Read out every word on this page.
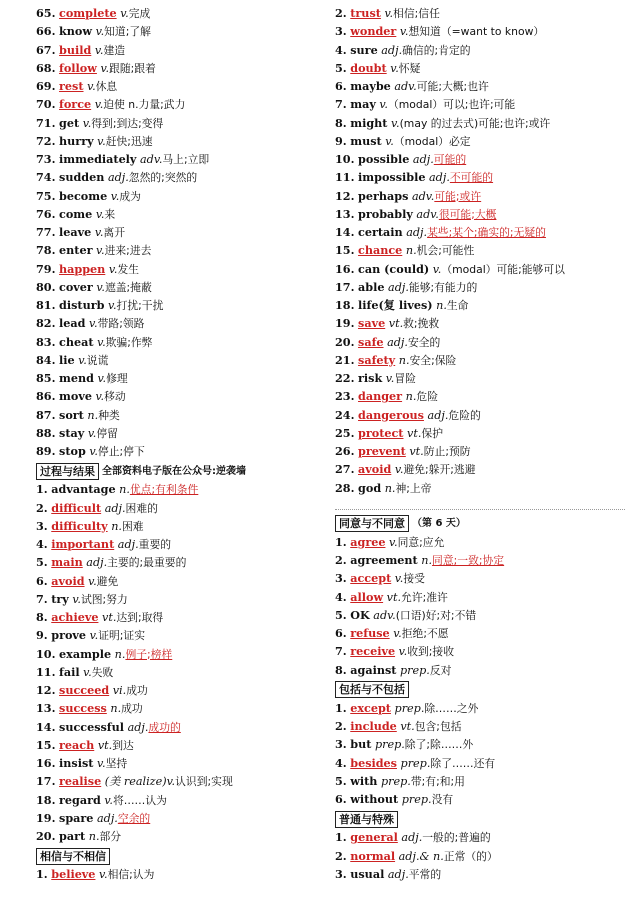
65. complete v.完成
66. know v.知道;了解
67. build v.建造
68. follow v.跟随;跟着
69. rest v.休息
70. force v.迫使 n.力量;武力
71. get v.得到;到达;变得
72. hurry v.赶快;迅速
73. immediately adv.马上;立即
74. sudden adj.忽然的;突然的
75. become v.成为
76. come v.来
77. leave v.离开
78. enter v.进来;进去
79. happen v.发生
80. cover v.遮盖;掩蔽
81. disturb v.打扰;干扰
82. lead v.带路;领路
83. cheat v.欺骗;作弊
84. lie v.说谎
85. mend v.修理
86. move v.移动
87. sort n.种类
88. stay v.停留
89. stop v.停止;停下
过程与结果 全部资料电子版在公众号:逆袭墙
1. advantage n.优点;有利条件
2. difficult adj.困难的
3. difficulty n.困难
4. important adj.重要的
5. main adj.主要的;最重要的
6. avoid v.避免
7. try v.试图;努力
8. achieve vt.达到;取得
9. prove v.证明;证实
10. example n.例子;榜样
11. fail v.失败
12. succeed vi.成功
13. success n.成功
14. successful adj.成功的
15. reach vt.到达
16. insist v.坚持
17. realise (美 realize)v.认识到;实现
18. regard v.将……认为
19. spare adj.空余的
20. part n.部分
相信与不相信
1. believe v.相信;认为
2. trust v.相信;信任
3. wonder v.想知道（=want to know）
4. sure adj.确信的;肯定的
5. doubt v.怀疑
6. maybe adv.可能;大概;也许
7. may v.（modal）可以;也许;可能
8. might v.(may 的过去式)可能;也许;或许
9. must v.（modal）必定
10. possible adj.可能的
11. impossible adj.不可能的
12. perhaps adv.可能;或许
13. probably adv.很可能;大概
14. certain adj.某些;某个;确实的;无疑的
15. chance n.机会;可能性
16. can (could) v.（modal）可能;能够可以
17. able adj.能够;有能力的
18. life(复 lives) n.生命
19. save vt.救;挽救
20. safe adj.安全的
21. safety n.安全;保险
22. risk v.冒险
23. danger n.危险
24. dangerous adj.危险的
25. protect vt.保护
26. prevent vt.防止;预防
27. avoid v.避免;躲开;逃避
28. god n.神;上帝
同意与不同意 （第 6 天）
1. agree v.同意;应允
2. agreement n.同意;一致;协定
3. accept v.接受
4. allow vt.允许;准许
5. OK adv.(口语)好;对;不错
6. refuse v.拒绝;不愿
7. receive v.收到;接收
8. against prep.反对
包括与不包括
1. except prep.除……之外
2. include vt.包含;包括
3. but prep.除了;除……外
4. besides prep.除了……还有
5. with prep.带;有;和;用
6. without prep.没有
普通与特殊
1. general adj.一般的;普遍的
2. normal adj.& n.正常（的）
3. usual adj.平常的
